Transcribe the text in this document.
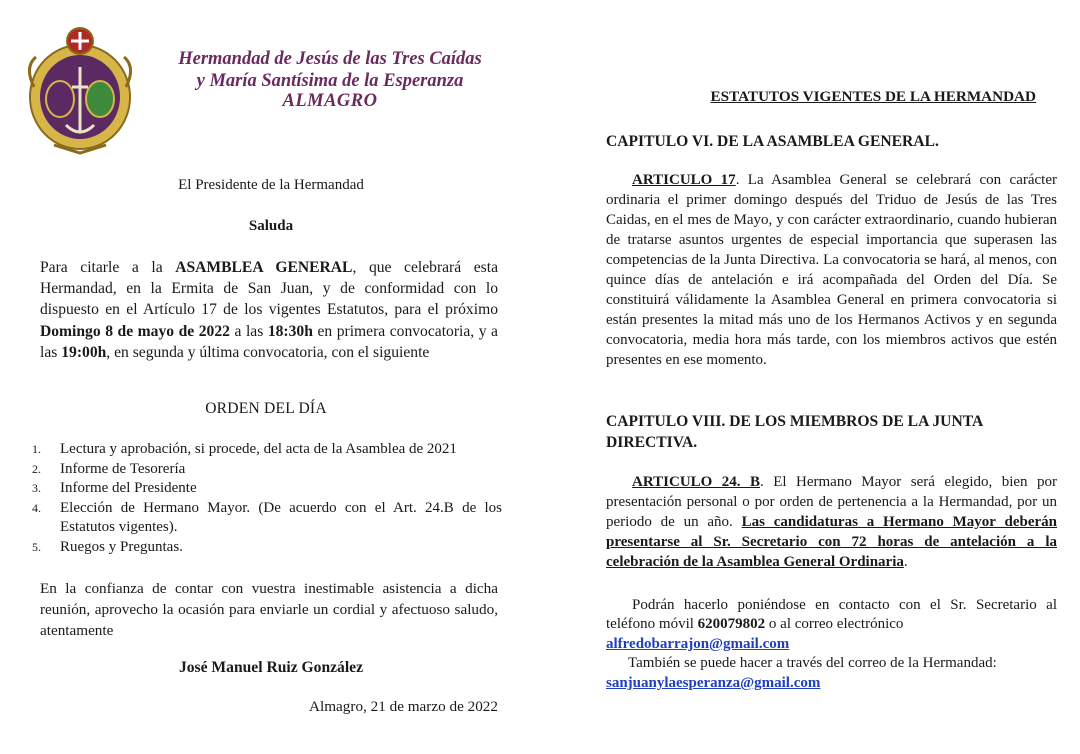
Hermandad de Jesús de las Tres Caídas
y María Santísima de la Esperanza
ALMAGRO
El Presidente de la Hermandad
Saluda
Para citarle a la ASAMBLEA GENERAL, que celebrará esta Hermandad, en la Ermita de San Juan, y de conformidad con lo dispuesto en el Artículo 17 de los vigentes Estatutos, para el próximo Domingo 8 de mayo de 2022 a las 18:30h en primera convocatoria, y a las 19:00h, en segunda y última convocatoria, con el siguiente
ORDEN DEL DÍA
1. Lectura y aprobación, si procede, del acta de la Asamblea de 2021
2. Informe de Tesorería
3. Informe del Presidente
4. Elección de Hermano Mayor. (De acuerdo con el Art. 24.B de los Estatutos vigentes).
5. Ruegos y Preguntas.
En la confianza de contar con vuestra inestimable asistencia a dicha reunión, aprovecho la ocasión para enviarle un cordial y afectuoso saludo, atentamente
José Manuel Ruiz González
Almagro, 21 de marzo de 2022
ESTATUTOS VIGENTES DE LA HERMANDAD
CAPITULO VI. DE LA ASAMBLEA GENERAL.
ARTICULO 17. La Asamblea General se celebrará con carácter ordinaria el primer domingo después del Triduo de Jesús de las Tres Caidas, en el mes de Mayo, y con carácter extraordinario, cuando hubieran de tratarse asuntos urgentes de especial importancia que superasen las competencias de la Junta Directiva. La convocatoria se hará, al menos, con quince días de antelación e irá acompañada del Orden del Día. Se constituirá válidamente la Asamblea General en primera convocatoria si están presentes la mitad más uno de los Hermanos Activos y en segunda convocatoria, media hora más tarde, con los miembros activos que estén presentes en ese momento.
CAPITULO VIII. DE LOS MIEMBROS DE LA JUNTA DIRECTIVA.
ARTICULO 24. B. El Hermano Mayor será elegido, bien por presentación personal o por orden de pertenencia a la Hermandad, por un periodo de un año. Las candidaturas a Hermano Mayor deberán presentarse al Sr. Secretario con 72 horas de antelación a la celebración de la Asamblea General Ordinaria.
Podrán hacerlo poniéndose en contacto con el Sr. Secretario al teléfono móvil 620079802 o al correo electrónico
alfredobarrajon@gmail.com
También se puede hacer a través del correo de la Hermandad:
sanjuanylaesperanza@gmail.com
